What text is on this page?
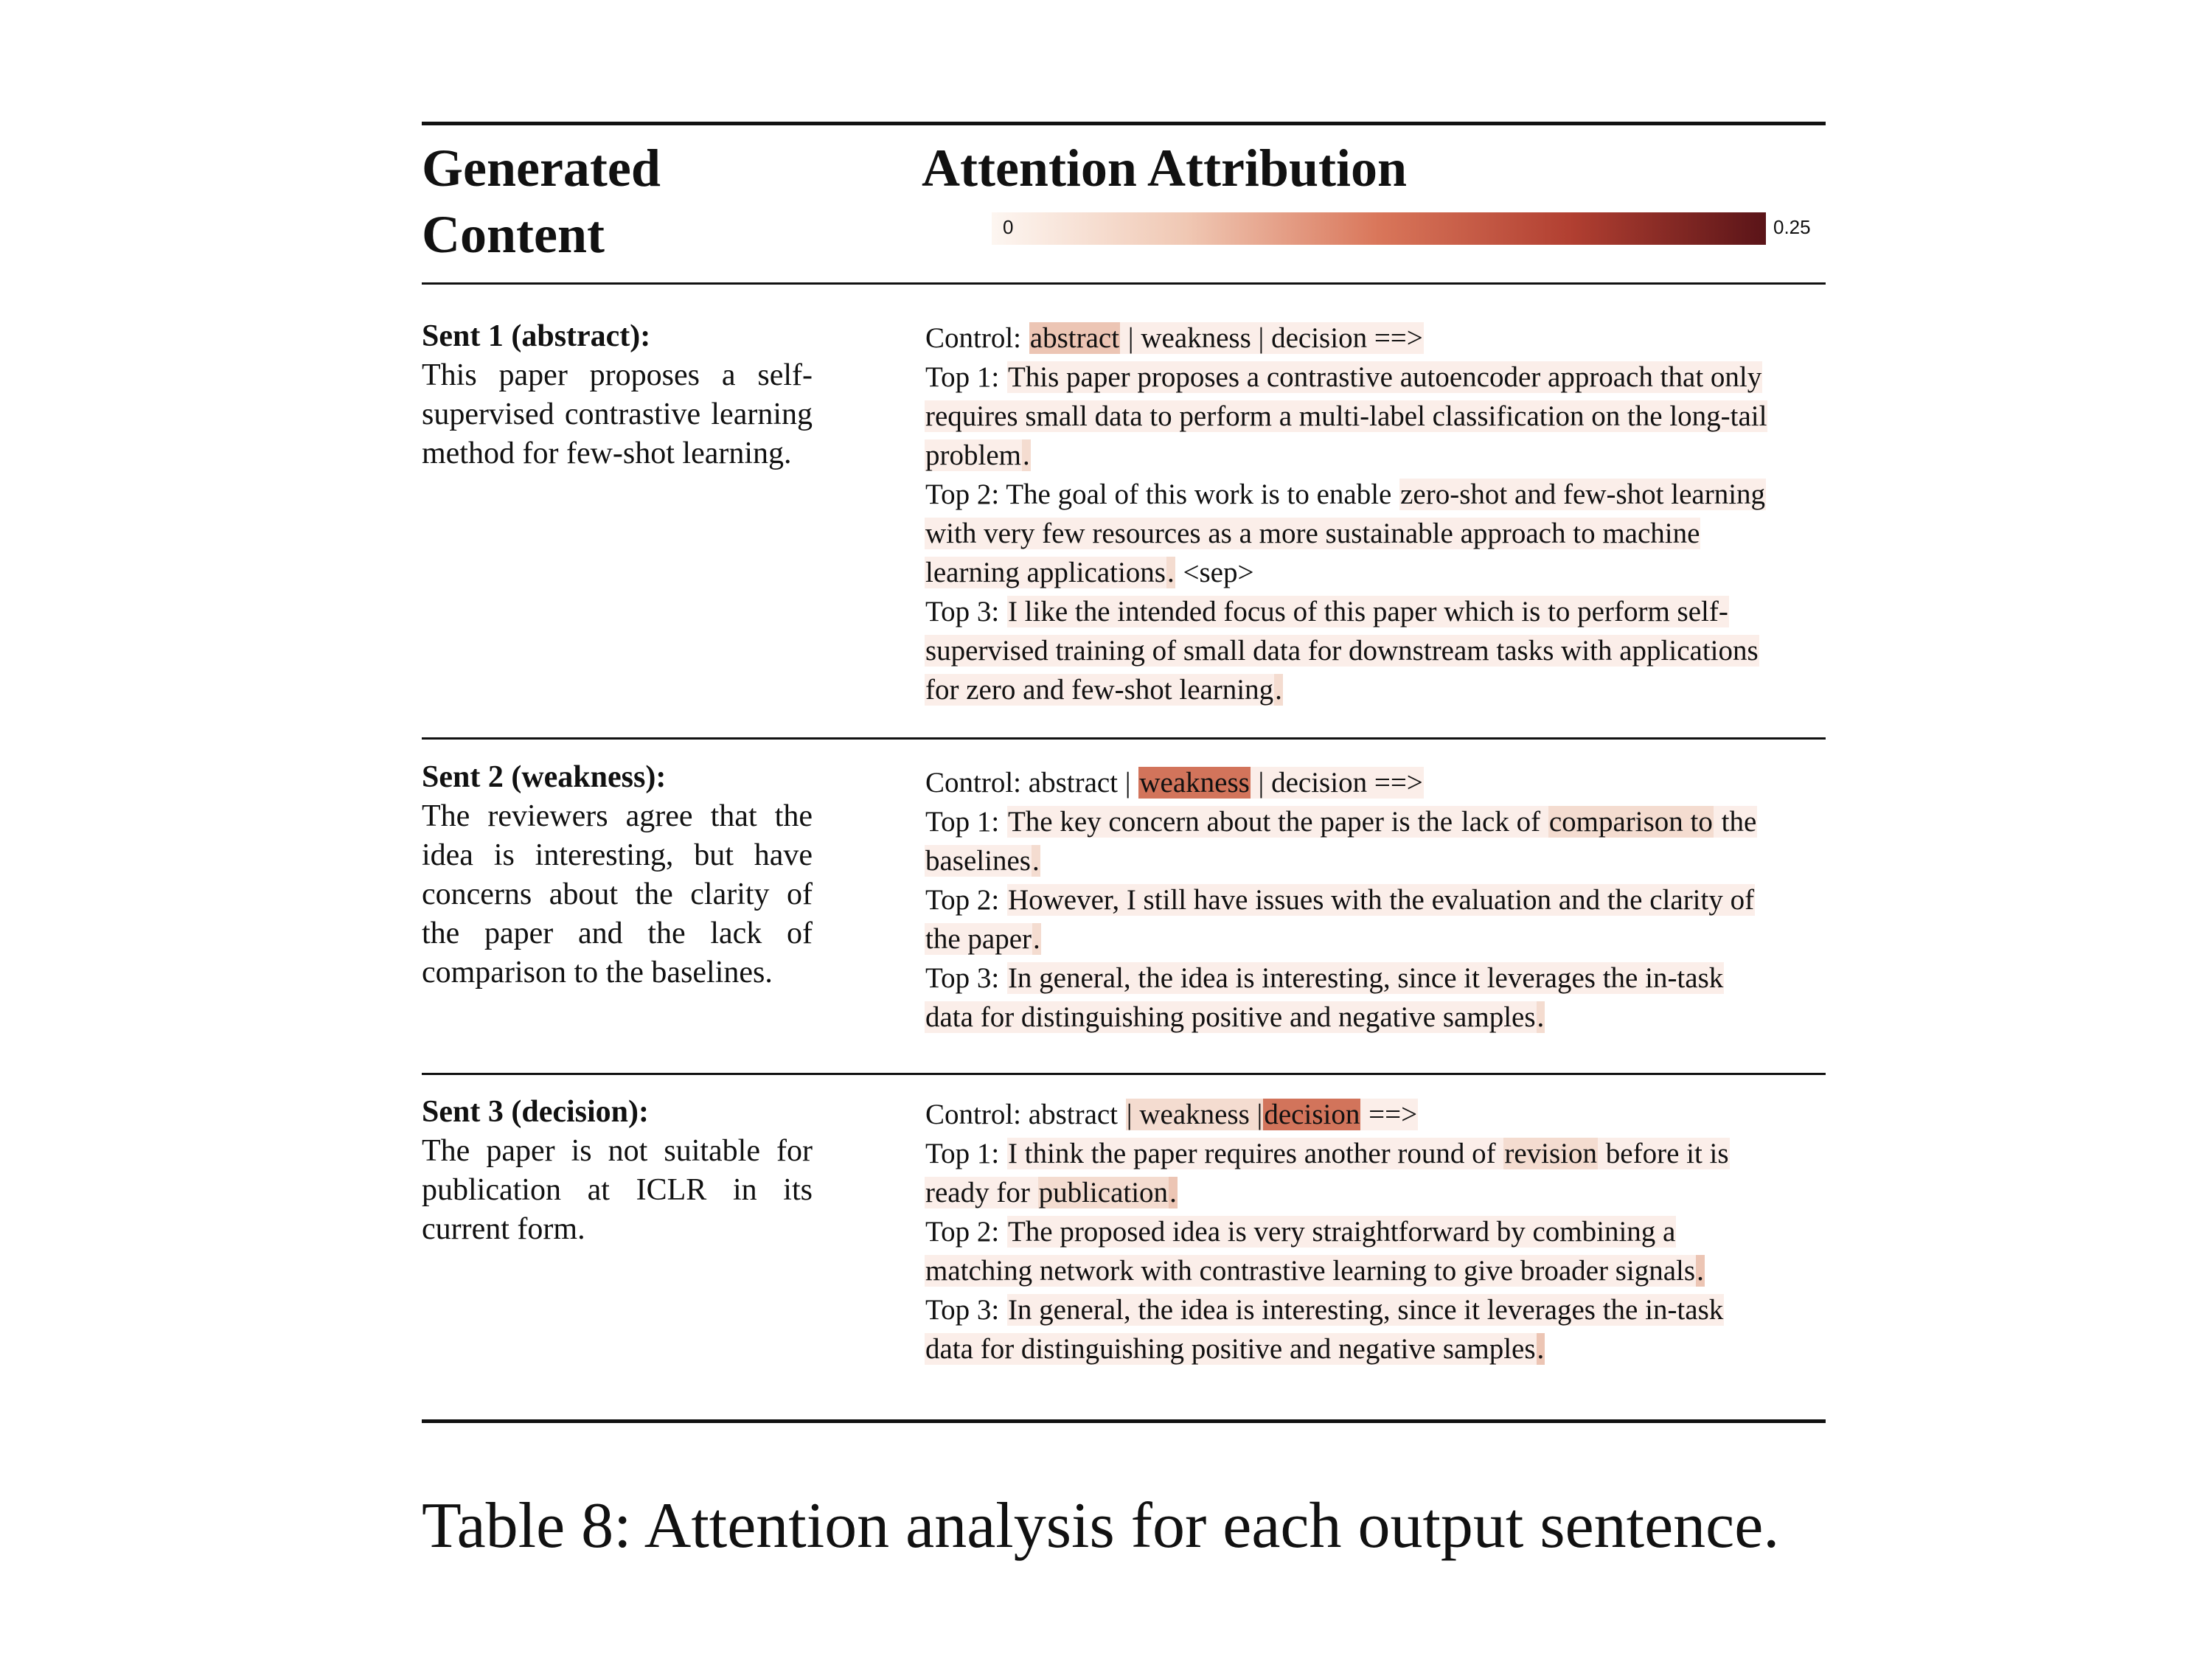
Generated
Content
Attention Attribution
0	0.25
Sent 1 (abstract):
This paper proposes a self-supervised contrastive learning method for few-shot learning.
Control: abstract | weakness | decision ==>
Top 1: This paper proposes a contrastive autoencoder approach that only
requires small data to perform a multi-label classification on the long-tail
problem.
Top 2: The goal of this work is to enable zero-shot and few-shot learning
with very few resources as a more sustainable approach to machine
learning applications. <sep>
Top 3: I like the intended focus of this paper which is to perform self-
supervised training of small data for downstream tasks with applications
for zero and few-shot learning.
Sent 2 (weakness):
The reviewers agree that the idea is interesting, but have concerns about the clarity of the paper and the lack of comparison to the baselines.
Control: abstract | weakness | decision ==>
Top 1: The key concern about the paper is the lack of comparison to the
baselines.
Top 2: However, I still have issues with the evaluation and the clarity of
the paper.
Top 3: In general, the idea is interesting, since it leverages the in-task
data for distinguishing positive and negative samples.
Sent 3 (decision):
The paper is not suitable for publication at ICLR in its current form.
Control: abstract | weakness |decision ==>
Top 1: I think the paper requires another round of revision before it is
ready for publication.
Top 2: The proposed idea is very straightforward by combining a
matching network with contrastive learning to give broader signals.
Top 3: In general, the idea is interesting, since it leverages the in-task
data for distinguishing positive and negative samples.
Table 8: Attention analysis for each output sentence.
